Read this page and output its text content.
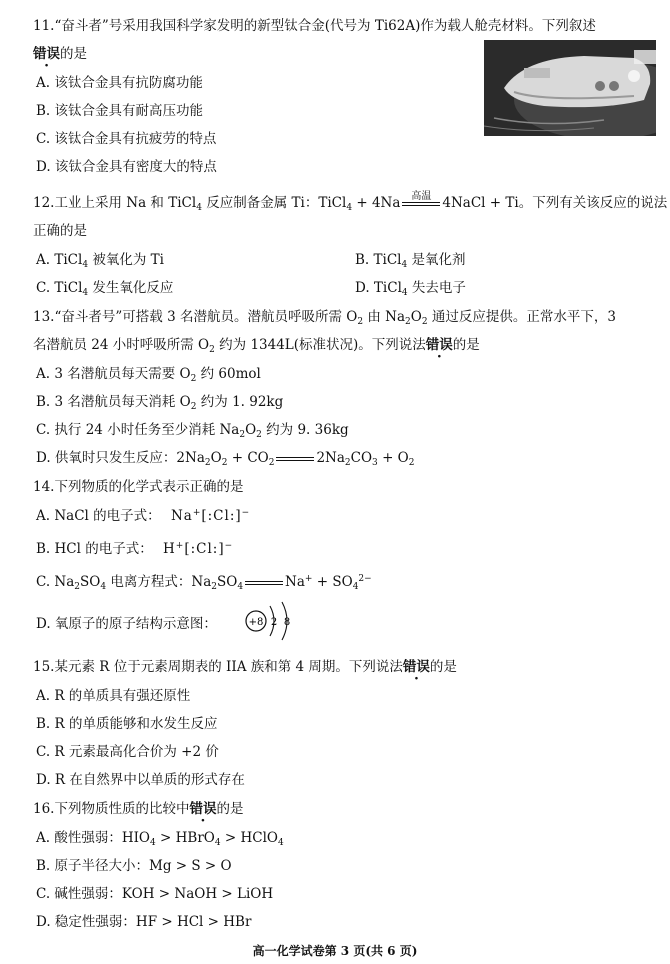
11.“奋斗者”号采用我国科学家发明的新型钛合金(代号为 Ti62A)作为载人舱壳材料。下列叙述
错误的是
A. 该钛合金具有抗防腐功能
B. 该钛合金具有耐高压功能
C. 该钛合金具有抗疲劳的特点
D. 该钛合金具有密度大的特点
12.工业上采用 Na 和 TiCl$_4$ 反应制备金属 Ti：TiCl$_4$ + 4Na	高温 4NaCl + Ti。下列有关该反应的说法
正确的是
A. TiCl$_4$ 被氧化为 Ti	B. TiCl$_4$ 是氧化剂
C. TiCl$_4$ 发生氧化反应	D. TiCl$_4$ 失去电子
13.“奋斗者号”可搭载 3 名潜航员。潜航员呼吸所需 $O_2$ 由 $Na_2O_2$ 通过反应提供。正常水平下，3
名潜航员 24 小时呼吸所需 $O_2$ 约为 1344L(标准状况)。下列说法错误的是
A. 3 名潜航员每天需要 $O_2$ 约 60mol
B. 3 名潜航员每天消耗 $O_2$ 约为 1. 92kg
C. 执行 24 小时任务至少消耗 $Na_2O_2$ 约为 9. 36kg
D. 供氧时只发生反应：$2Na_2O_2 + CO_2$	$2Na_2CO_3 + O_2$
14.下列物质的化学式表示正确的是
A. NaCl 的电子式： Na+[:Cl:]−
B. HCl 的电子式： H+[:Cl:]−
C. $Na_2SO_4$ 电离方程式：$Na_2SO_4$	$Na^+ + SO_4^{2-}$
D. 氧原子的原子结构示意图：	+8 2 8
15.某元素 R 位于元素周期表的 IIA 族和第 4 周期。下列说法错误的是
A. R 的单质具有强还原性
B. R 的单质能够和水发生反应
C. R 元素最高化合价为 +2 价
D. R 在自然界中以单质的形式存在
16.下列物质性质的比较中错误的是
A. 酸性强弱：$HIO_4$ > HBrO$_4$ > HClO$_4$
B. 原子半径大小：Mg > S > O
C. 碱性强弱：KOH > NaOH > LiOH
D. 稳定性强弱：HF > HCl > HBr
高一化学试卷第 3 页(共 6 页)
